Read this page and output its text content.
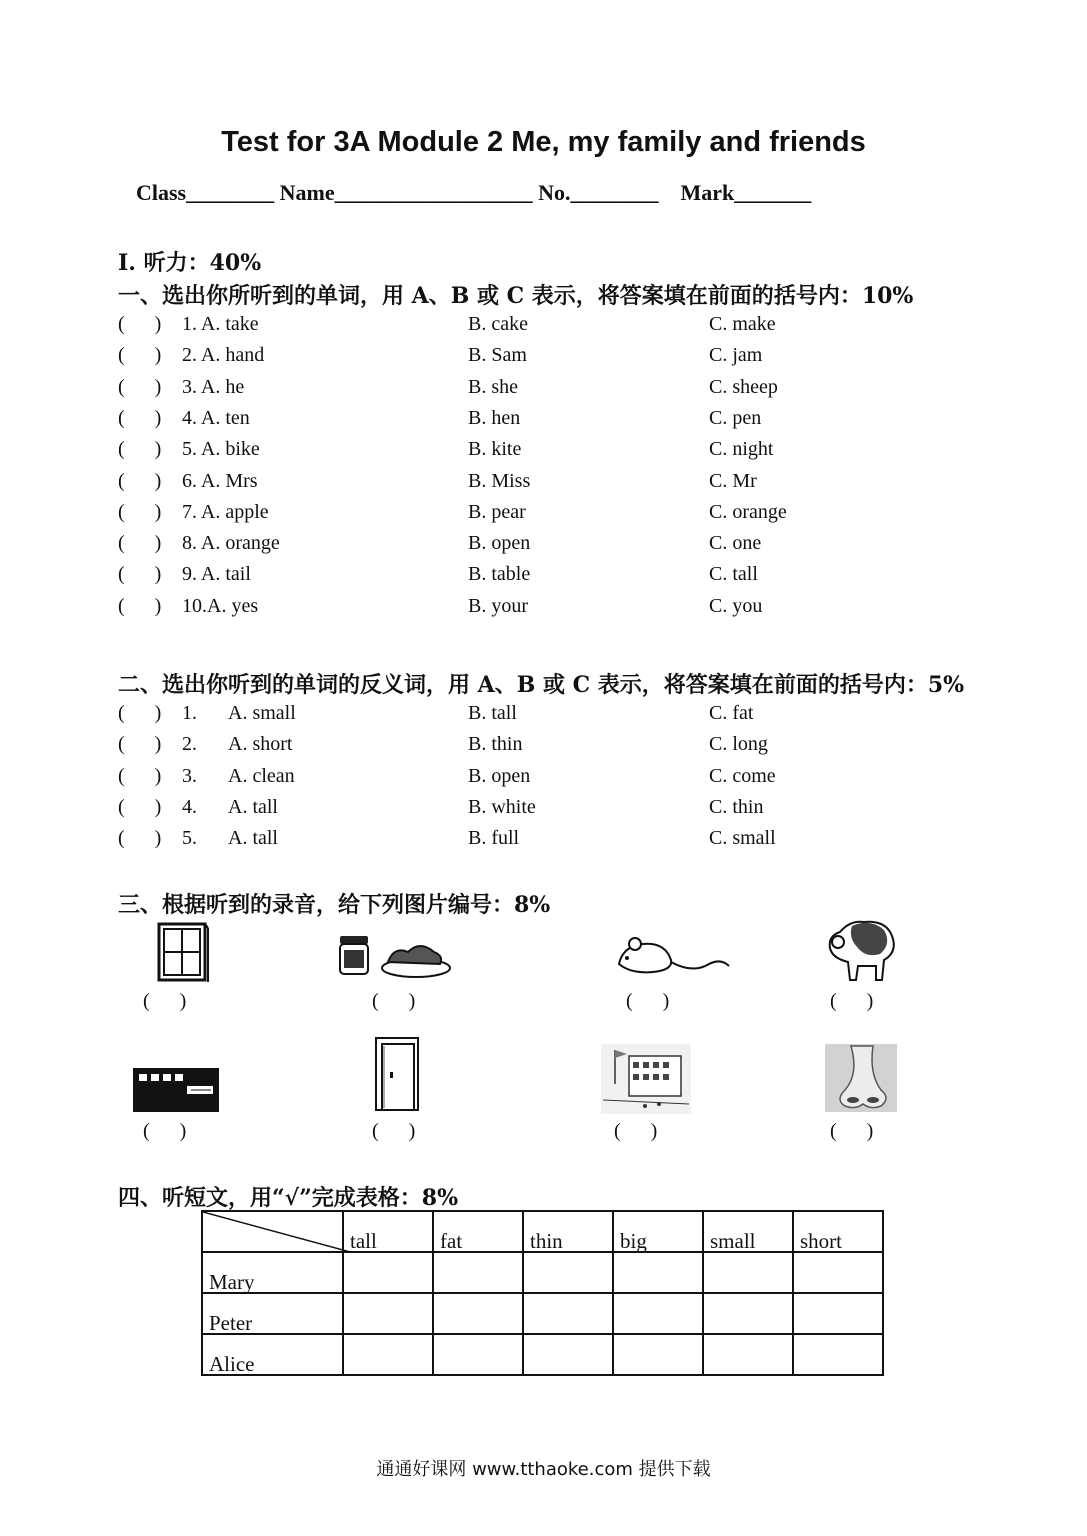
Test for 3A Module 2 Me, my family and friends
Class________ Name__________________ No.________    Mark_______
I. 听力：40%
一、选出你所听到的单词，用 A、B 或 C 表示，将答案填在前面的括号内：10%
(      ) 1. A. take	B. cake	C. make
(      ) 2. A. hand	B. Sam	C. jam
(      ) 3. A. he	B. she	C. sheep
(      ) 4. A. ten	B. hen	C. pen
(      ) 5. A. bike	B. kite	C. night
(      ) 6. A. Mrs	B. Miss	C. Mr
(      ) 7. A. apple	B. pear	C. orange
(      ) 8. A. orange	B. open	C. one
(      ) 9. A. tail	B. table	C. tall
(      ) 10.A. yes	B. your	C. you
二、选出你听到的单词的反义词，用 A、B 或 C 表示，将答案填在前面的括号内：5%
(      ) 1. A. small	B. tall	C. fat
(      ) 2. A. short	B. thin	C. long
(      ) 3. A. clean	B. open	C. come
(      ) 4. A. tall	B. white	C. thin
(      ) 5. A. tall	B. full	C. small
三、根据听到的录音，给下列图片编号：8%
(      )	(      )	(      )	(      )
(      )	(      )	(      )	(      )
四、听短文，用“√”完成表格：8%
	tall	fat	thin	big	small	short
Mary						
Peter						
Alice						
通通好课网 www.tthaoke.com 提供下载
